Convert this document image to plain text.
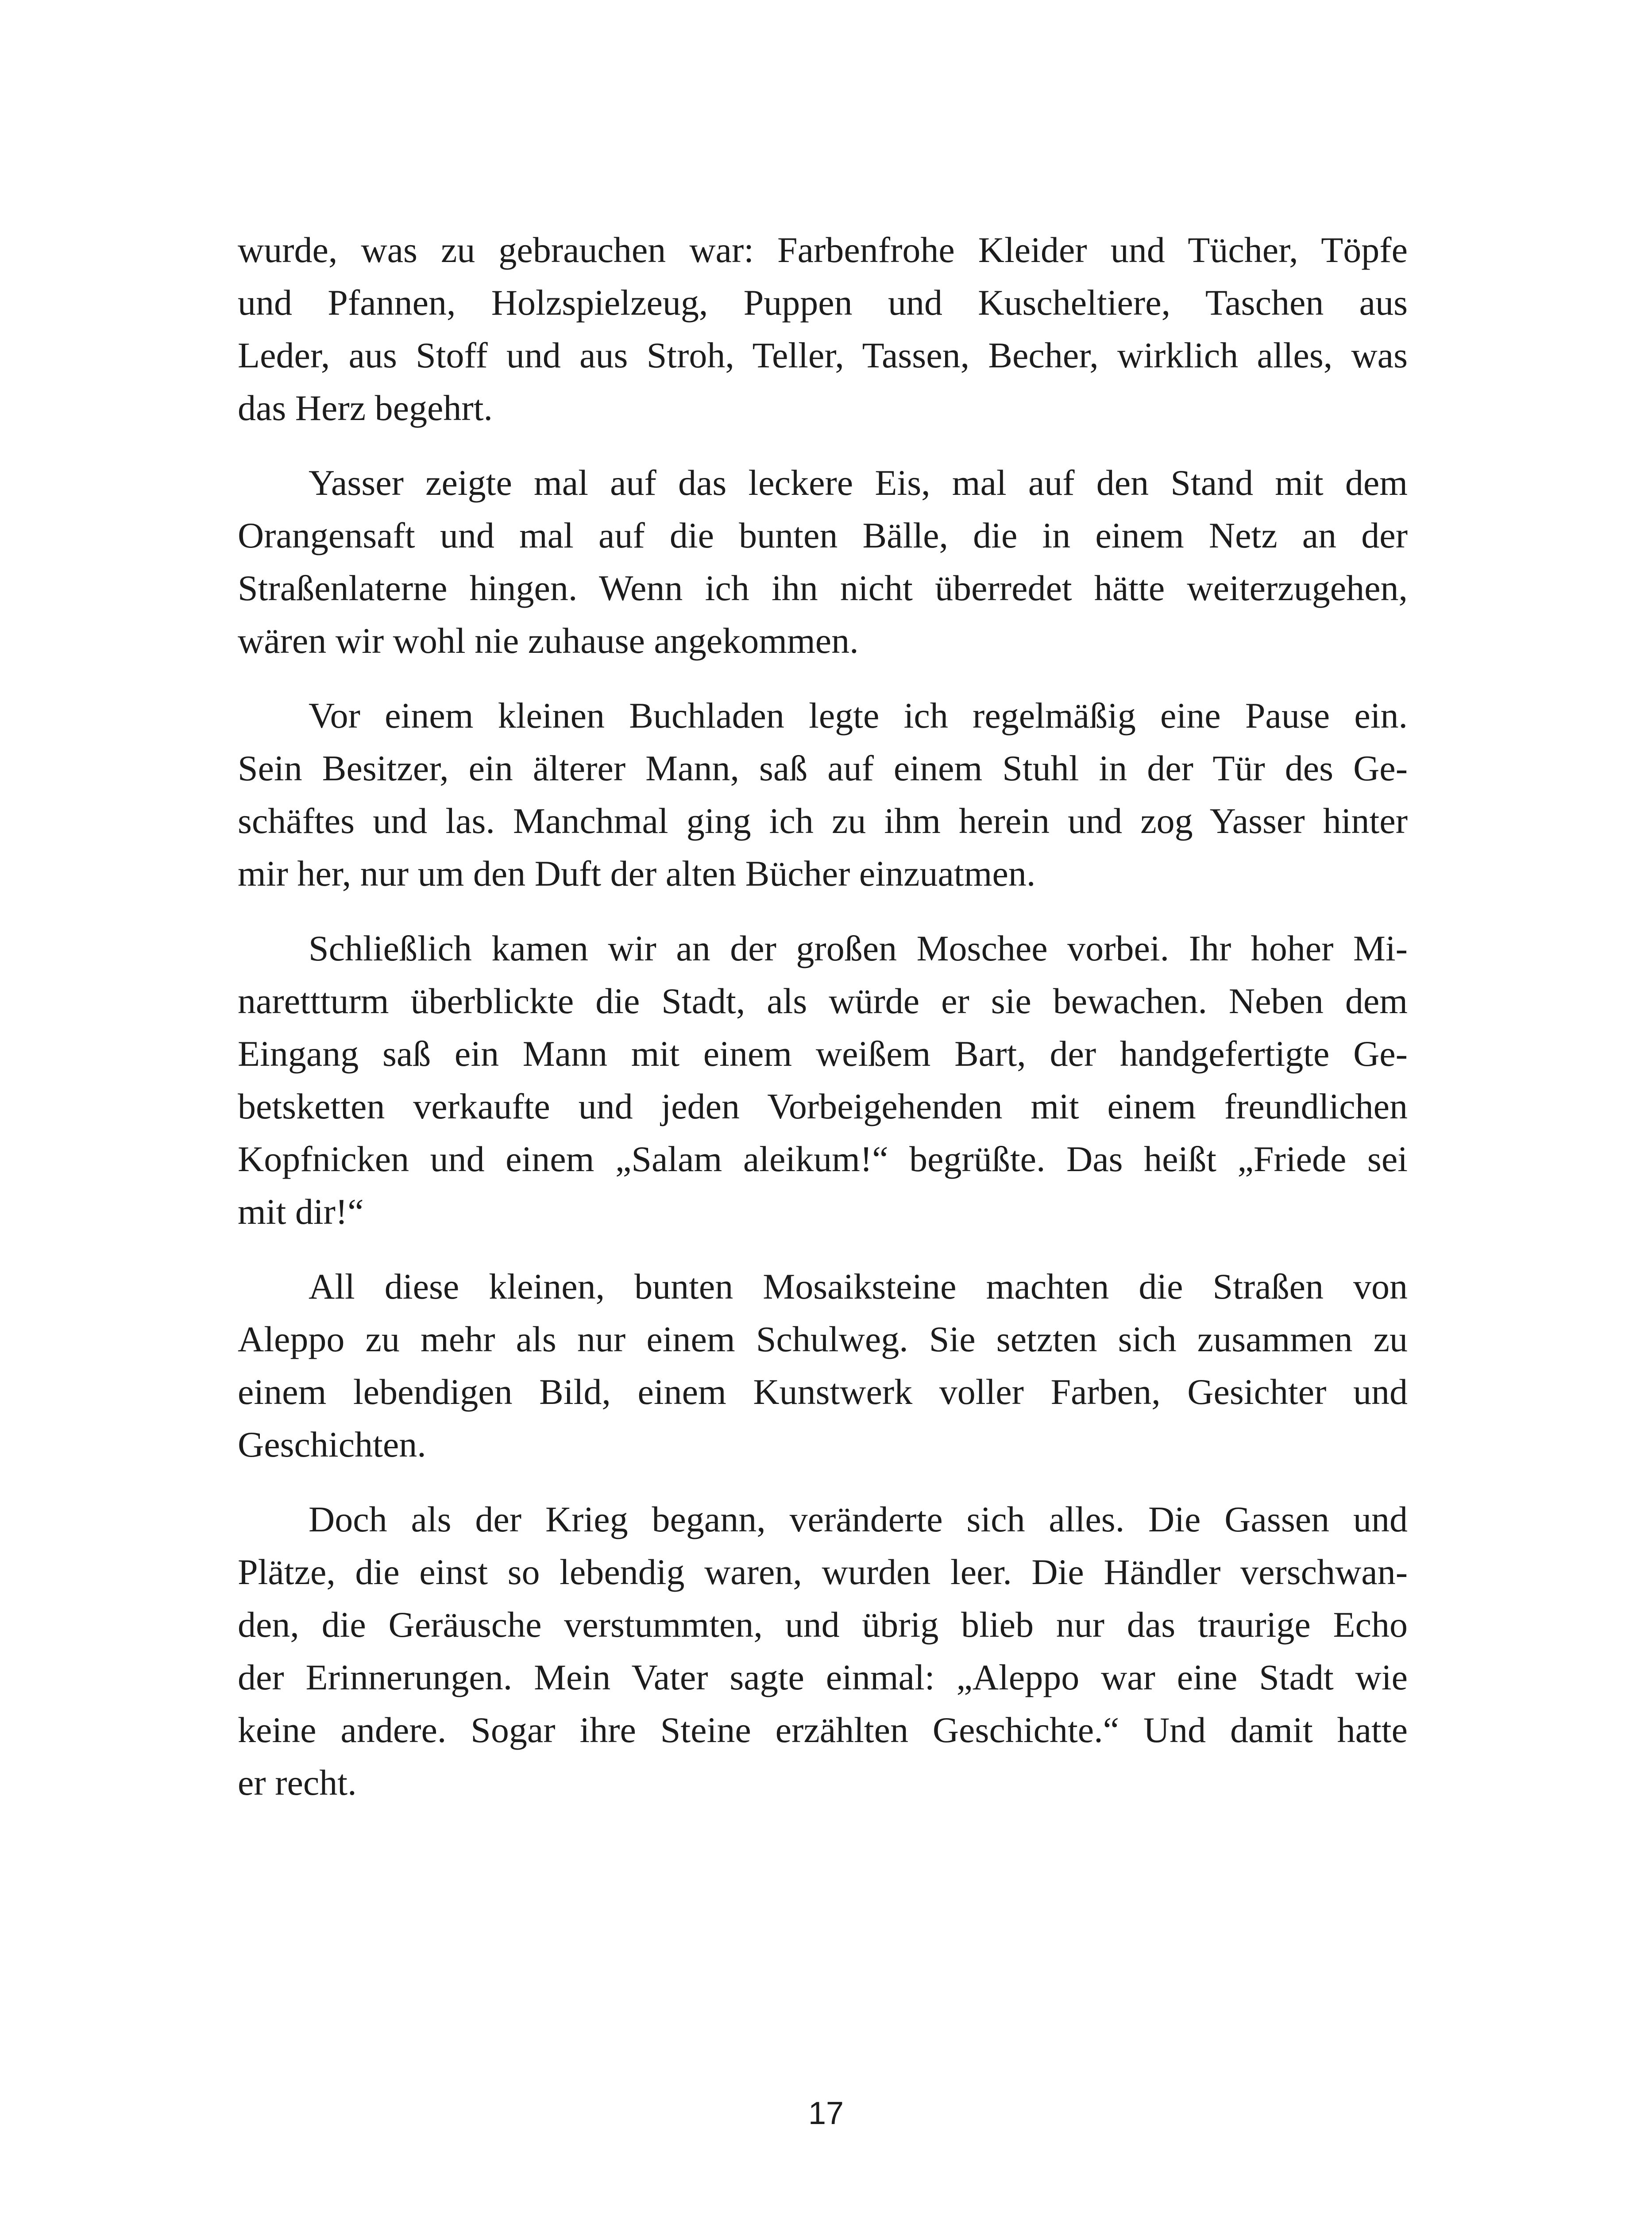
wurde, was zu gebrauchen war: Farbenfrohe Kleider und Tücher, Töpfe
und Pfannen, Holzspielzeug, Puppen und Kuscheltiere, Taschen aus
Leder, aus Stoff und aus Stroh, Teller, Tassen, Becher, wirklich alles, was
das Herz begehrt.
Yasser zeigte mal auf das leckere Eis, mal auf den Stand mit dem
Orangensaft und mal auf die bunten Bälle, die in einem Netz an der
Straßenlaterne hingen. Wenn ich ihn nicht überredet hätte weiterzugehen,
wären wir wohl nie zuhause angekommen.
Vor einem kleinen Buchladen legte ich regelmäßig eine Pause ein.
Sein Besitzer, ein älterer Mann, saß auf einem Stuhl in der Tür des Ge-
schäftes und las. Manchmal ging ich zu ihm herein und zog Yasser hinter
mir her, nur um den Duft der alten Bücher einzuatmen.
Schließlich kamen wir an der großen Moschee vorbei. Ihr hoher Mi-
narettturm überblickte die Stadt, als würde er sie bewachen. Neben dem
Eingang saß ein Mann mit einem weißem Bart, der handgefertigte Ge-
betsketten verkaufte und jeden Vorbeigehenden mit einem freundlichen
Kopfnicken und einem „Salam aleikum!“ begrüßte. Das heißt „Friede sei
mit dir!“
All diese kleinen, bunten Mosaiksteine machten die Straßen von
Aleppo zu mehr als nur einem Schulweg. Sie setzten sich zusammen zu
einem lebendigen Bild, einem Kunstwerk voller Farben, Gesichter und
Geschichten.
Doch als der Krieg begann, veränderte sich alles. Die Gassen und
Plätze, die einst so lebendig waren, wurden leer. Die Händler verschwan-
den, die Geräusche verstummten, und übrig blieb nur das traurige Echo
der Erinnerungen. Mein Vater sagte einmal: „Aleppo war eine Stadt wie
keine andere. Sogar ihre Steine erzählten Geschichte.“ Und damit hatte
er recht.
17
